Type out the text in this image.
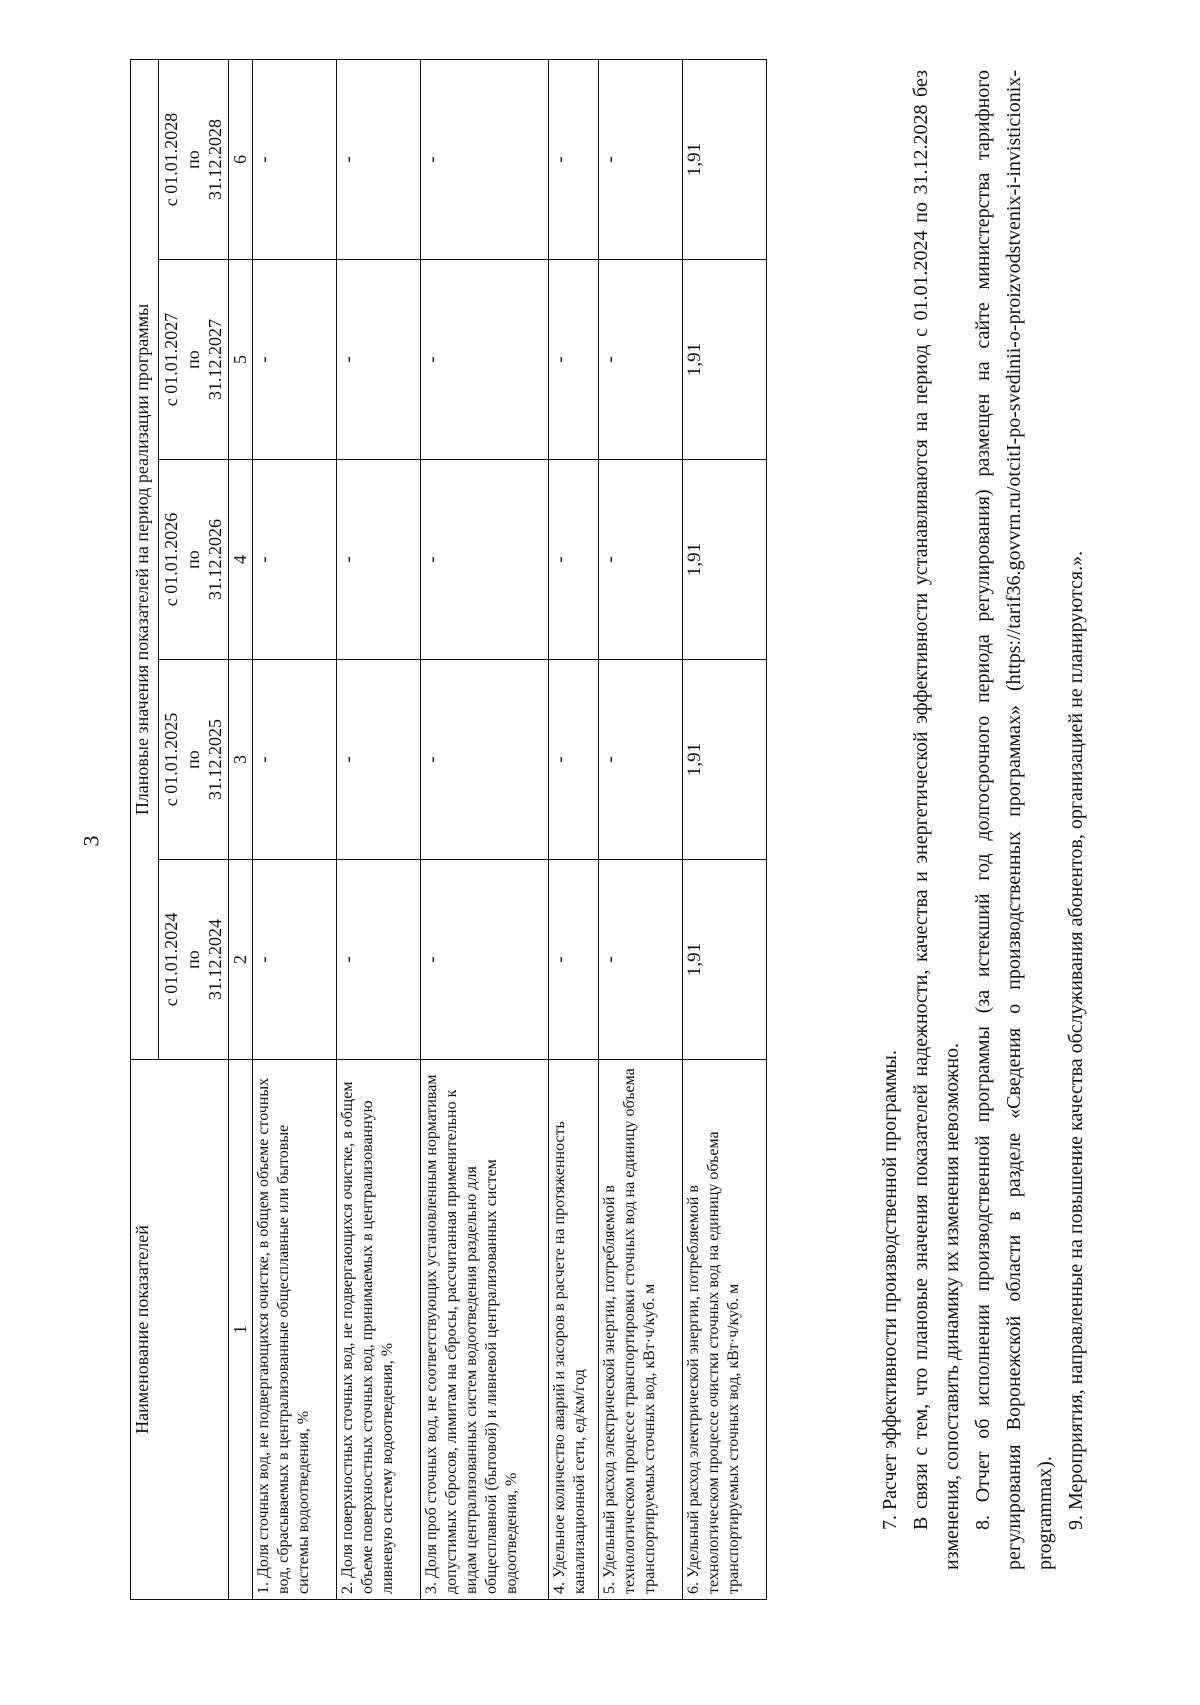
3
Наименование показателей	Плановые значения показателей на период реализации программы				
	с 01.01.2024 по 31.12.2024	с 01.01.2025 по 31.12.2025	с 01.01.2026 по 31.12.2026	с 01.01.2027 по 31.12.2027	с 01.01.2028 по 31.12.2028
1	2	3	4	5	6
1. Доля сточных вод, не подвергающихся очистке, в общем объеме сточных вод, сбрасываемых в централизованные общесплавные или бытовые системы водоотведения, %	-	-	-	-	-
2. Доля поверхностных сточных вод, не подвергающихся очистке, в общем объеме поверхностных сточных вод, принимаемых в централизованную ливневую систему водоотведения, %	-	-	-	-	-
3. Доля проб сточных вод, не соответствующих установленным нормативам допустимых сбросов, лимитам на сбросы, рассчитанная применительно к видам централизованных систем водоотведения раздельно для общесплавной (бытовой) и ливневой централизованных систем водоотведения, %	-	-	-	-	-
4. Удельное количество аварий и засоров в расчете на протяженность канализационной сети, ед/км/год	-	-	-	-	-
5. Удельный расход электрической энергии, потребляемой в технологическом процессе транспортировки сточных вод на единицу объема транспортируемых сточных вод, кВт·ч/куб. м	-	-	-	-	-
6. Удельный расход электрической энергии, потребляемой в технологическом процессе очистки сточных вод на единицу объема транспортируемых сточных вод, кВт·ч/куб. м	1,91	1,91	1,91	1,91	1,91

7. Расчет эффективности производственной программы. В связи с тем, что плановые значения показателей надежности, качества и энергетической эффективности устанавливаются на период с 01.01.2024 по 31.12.2028 без изменения, сопоставить динамику их изменения невозможно. 8. Отчет об исполнении производственной программы (за истекший год долгосрочного периода регулирования) размещен на сайте министерства тарифного регулирования Воронежской области в разделе «Сведения о производственных программах» (https://tarif36.govvrn.ru/otcitI-po-svedinii-o-proizvodstvenix-i-invisticionix-programmax). 9. Мероприятия, направленные на повышение качества обслуживания абонентов, организацией не планируются.».
